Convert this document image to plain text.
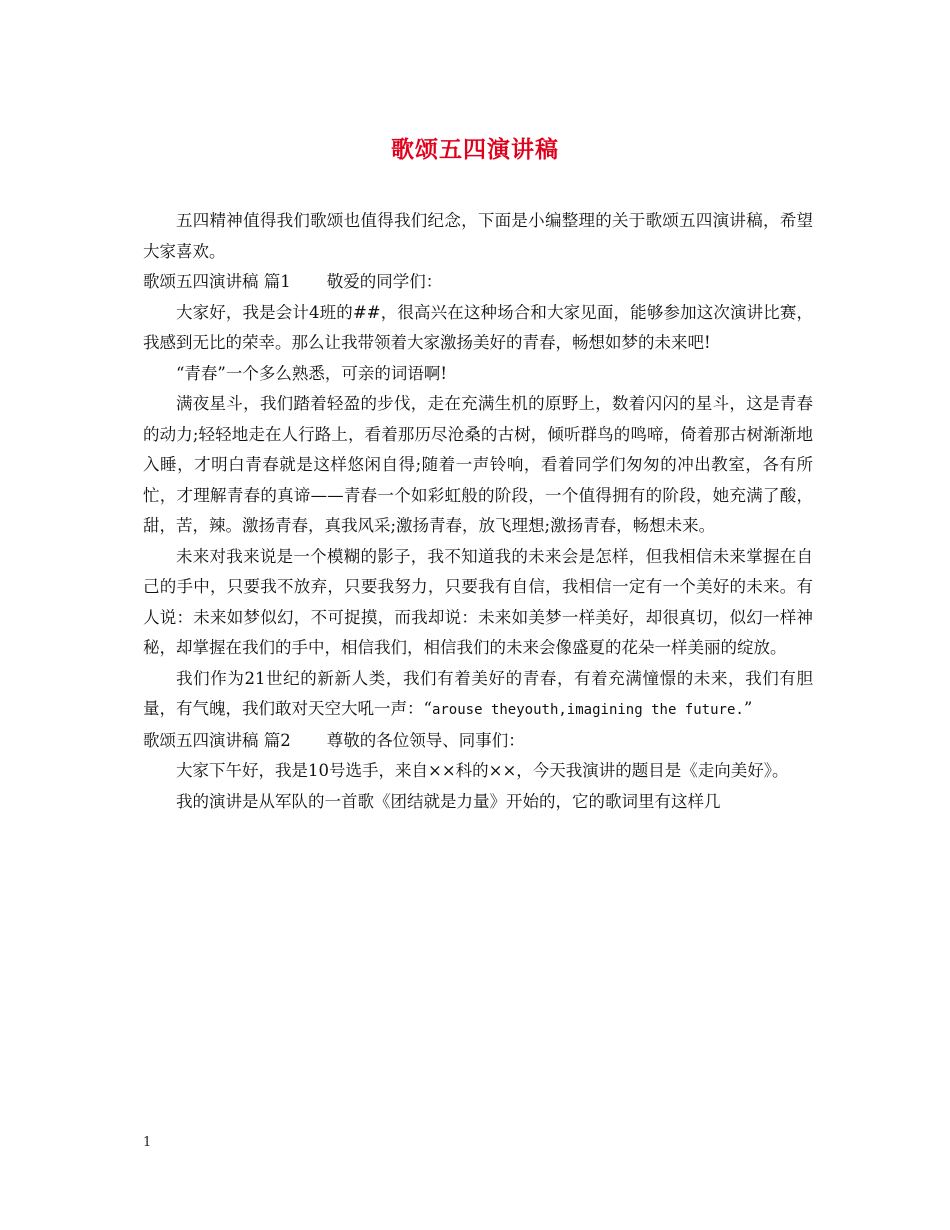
歌颂五四演讲稿

五四精神值得我们歌颂也值得我们纪念，下面是小编整理的关于歌颂五四演讲稿，希望大家喜欢。

歌颂五四演讲稿 篇1 敬爱的同学们：

大家好，我是会计4班的##，很高兴在这种场合和大家见面，能够参加这次演讲比赛，我感到无比的荣幸。那么让我带领着大家激扬美好的青春，畅想如梦的未来吧!

“青春”一个多么熟悉，可亲的词语啊!

满夜星斗，我们踏着轻盈的步伐，走在充满生机的原野上，数着闪闪的星斗，这是青春的动力;轻轻地走在人行路上，看着那历尽沧桑的古树，倾听群鸟的鸣啼，倚着那古树渐渐地入睡，才明白青春就是这样悠闲自得;随着一声铃响，看着同学们匆匆的冲出教室，各有所忙，才理解青春的真谛——青春一个如彩虹般的阶段，一个值得拥有的阶段，她充满了酸，甜，苦，辣。激扬青春，真我风采;激扬青春，放飞理想;激扬青春，畅想未来。

未来对我来说是一个模糊的影子，我不知道我的未来会是怎样，但我相信未来掌握在自己的手中，只要我不放弃，只要我努力，只要我有自信，我相信一定有一个美好的未来。有人说：未来如梦似幻，不可捉摸，而我却说：未来如美梦一样美好，却很真切，似幻一样神秘，却掌握在我们的手中，相信我们，相信我们的未来会像盛夏的花朵一样美丽的绽放。

我们作为21世纪的新新人类，我们有着美好的青春，有着充满憧憬的未来，我们有胆量，有气魄，我们敢对天空大吼一声：“arouse theyouth,imagining the future.”

歌颂五四演讲稿 篇2 尊敬的各位领导、同事们：

大家下午好，我是10号选手，来自××科的××，今天我演讲的题目是《走向美好》。

我的演讲是从军队的一首歌《团结就是力量》开始的，它的歌词里有这样几

1
